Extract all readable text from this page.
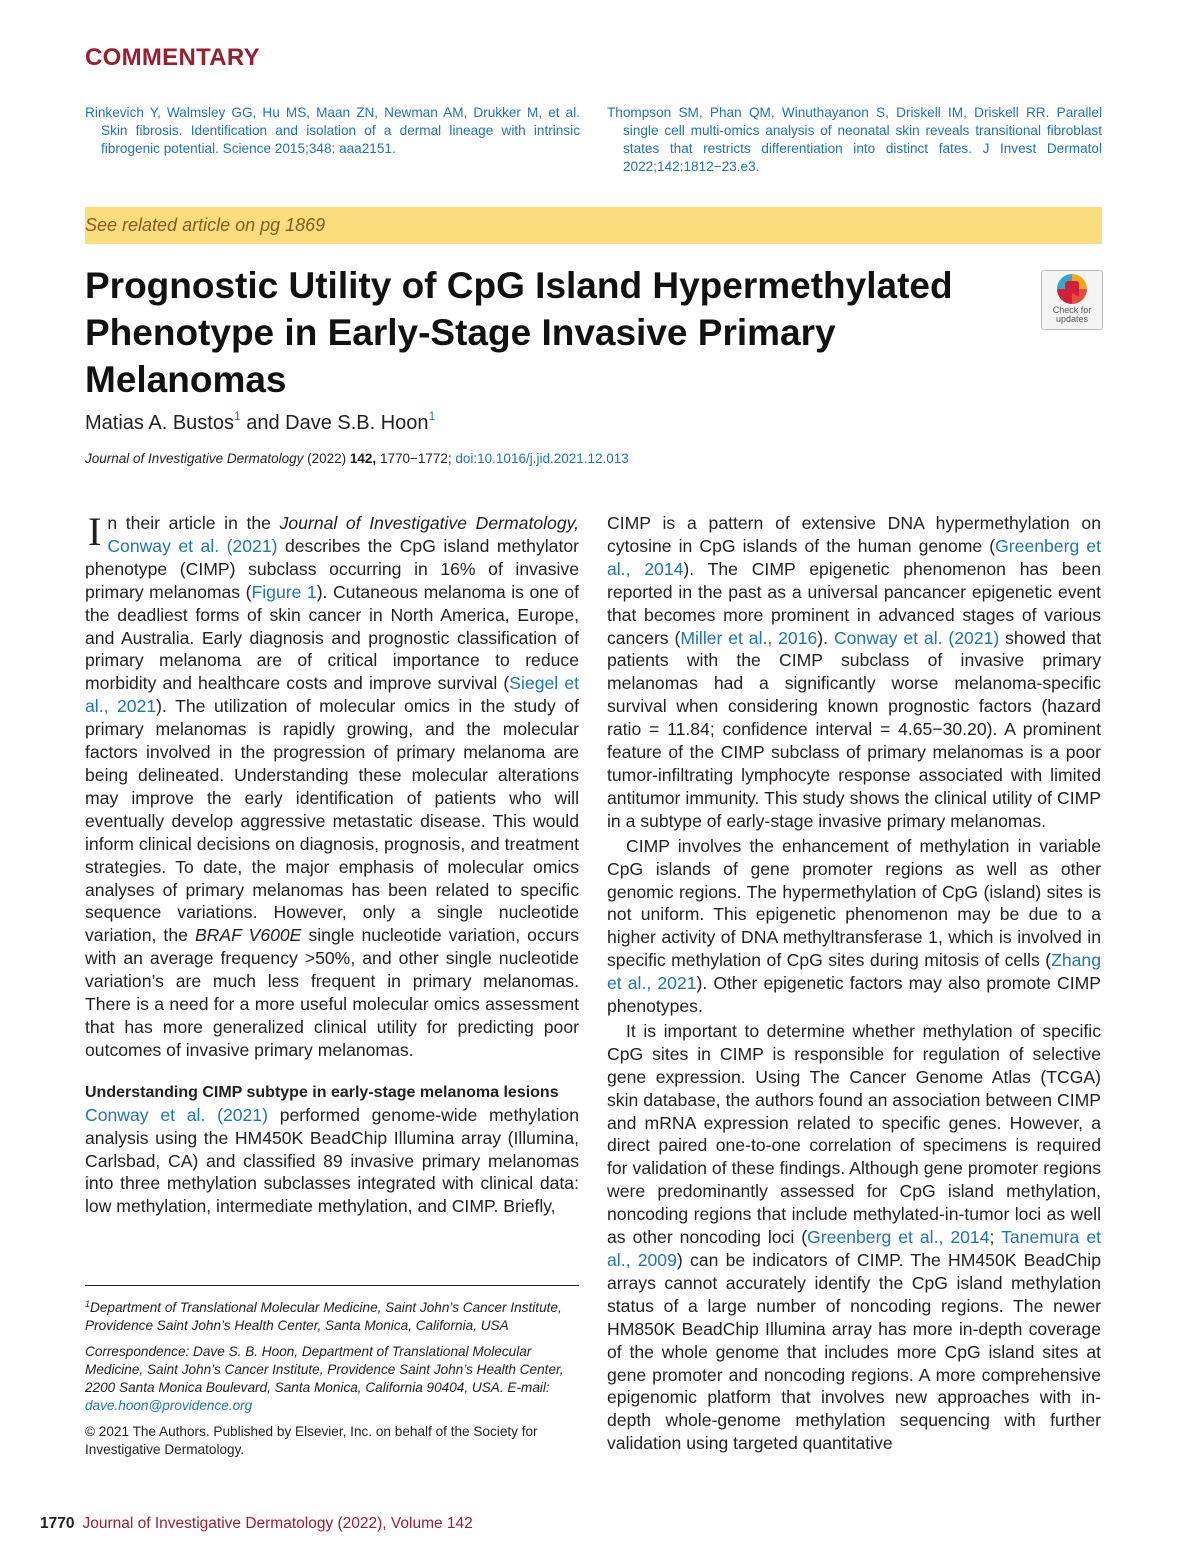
COMMENTARY

Rinkevich Y, Walmsley GG, Hu MS, Maan ZN, Newman AM, Drukker M, et al. Skin fibrosis. Identification and isolation of a dermal lineage with intrinsic fibrogenic potential. Science 2015;348: aaa2151.

Thompson SM, Phan QM, Winuthayanon S, Driskell IM, Driskell RR. Parallel single cell multi-omics analysis of neonatal skin reveals transitional fibroblast states that restricts differentiation into distinct fates. J Invest Dermatol 2022;142:1812−23.e3.

See related article on pg 1869
Prognostic Utility of CpG Island Hypermethylated Phenotype in Early-Stage Invasive Primary Melanomas
Check for updates
Matias A. Bustos$^1$ and Dave S.B. Hoon$^1$
Journal of Investigative Dermatology (2022) 142, 1770−1772; doi:10.1016/j.jid.2021.12.013

In their article in the Journal of Investigative Dermatology, Conway et al. (2021) describes the CpG island methylator phenotype (CIMP) subclass occurring in 16% of invasive primary melanomas (Figure 1). Cutaneous melanoma is one of the deadliest forms of skin cancer in North America, Europe, and Australia. Early diagnosis and prognostic classification of primary melanoma are of critical importance to reduce morbidity and healthcare costs and improve survival (Siegel et al., 2021). The utilization of molecular omics in the study of primary melanomas is rapidly growing, and the molecular factors involved in the progression of primary melanoma are being delineated. Understanding these molecular alterations may improve the early identification of patients who will eventually develop aggressive metastatic disease. This would inform clinical decisions on diagnosis, prognosis, and treatment strategies. To date, the major emphasis of molecular omics analyses of primary melanomas has been related to specific sequence variations. However, only a single nucleotide variation, the BRAF V600E single nucleotide variation, occurs with an average frequency >50%, and other single nucleotide variation’s are much less frequent in primary melanomas. There is a need for a more useful molecular omics assessment that has more generalized clinical utility for predicting poor outcomes of invasive primary melanomas.

Understanding CIMP subtype in early-stage melanoma lesions

Conway et al. (2021) performed genome-wide methylation analysis using the HM450K BeadChip Illumina array (Illumina, Carlsbad, CA) and classified 89 invasive primary melanomas into three methylation subclasses integrated with clinical data: low methylation, intermediate methylation, and CIMP. Briefly,

CIMP is a pattern of extensive DNA hypermethylation on cytosine in CpG islands of the human genome (Greenberg et al., 2014). The CIMP epigenetic phenomenon has been reported in the past as a universal pancancer epigenetic event that becomes more prominent in advanced stages of various cancers (Miller et al., 2016). Conway et al. (2021) showed that patients with the CIMP subclass of invasive primary melanomas had a significantly worse melanoma-specific survival when considering known prognostic factors (hazard ratio = 11.84; confidence interval = 4.65−30.20). A prominent feature of the CIMP subclass of primary melanomas is a poor tumor-infiltrating lymphocyte response associated with limited antitumor immunity. This study shows the clinical utility of CIMP in a subtype of early-stage invasive primary melanomas.

CIMP involves the enhancement of methylation in variable CpG islands of gene promoter regions as well as other genomic regions. The hypermethylation of CpG (island) sites is not uniform. This epigenetic phenomenon may be due to a higher activity of DNA methyltransferase 1, which is involved in specific methylation of CpG sites during mitosis of cells (Zhang et al., 2021). Other epigenetic factors may also promote CIMP phenotypes.

It is important to determine whether methylation of specific CpG sites in CIMP is responsible for regulation of selective gene expression. Using The Cancer Genome Atlas (TCGA) skin database, the authors found an association between CIMP and mRNA expression related to specific genes. However, a direct paired one-to-one correlation of specimens is required for validation of these findings. Although gene promoter regions were predominantly assessed for CpG island methylation, noncoding regions that include methylated-in-tumor loci as well as other noncoding loci (Greenberg et al., 2014; Tanemura et al., 2009) can be indicators of CIMP. The HM450K BeadChip arrays cannot accurately identify the CpG island methylation status of a large number of noncoding regions. The newer HM850K BeadChip Illumina array has more in-depth coverage of the whole genome that includes more CpG island sites at gene promoter and noncoding regions. A more comprehensive epigenomic platform that involves new approaches with in-depth whole-genome methylation sequencing with further validation using targeted quantitative

$^1$Department of Translational Molecular Medicine, Saint John’s Cancer Institute, Providence Saint John’s Health Center, Santa Monica, California, USA

Correspondence: Dave S. B. Hoon, Department of Translational Molecular Medicine, Saint John’s Cancer Institute, Providence Saint John’s Health Center, 2200 Santa Monica Boulevard, Santa Monica, California 90404, USA. E-mail: dave.hoon@providence.org

© 2021 The Authors. Published by Elsevier, Inc. on behalf of the Society for Investigative Dermatology.

1770 Journal of Investigative Dermatology (2022), Volume 142
